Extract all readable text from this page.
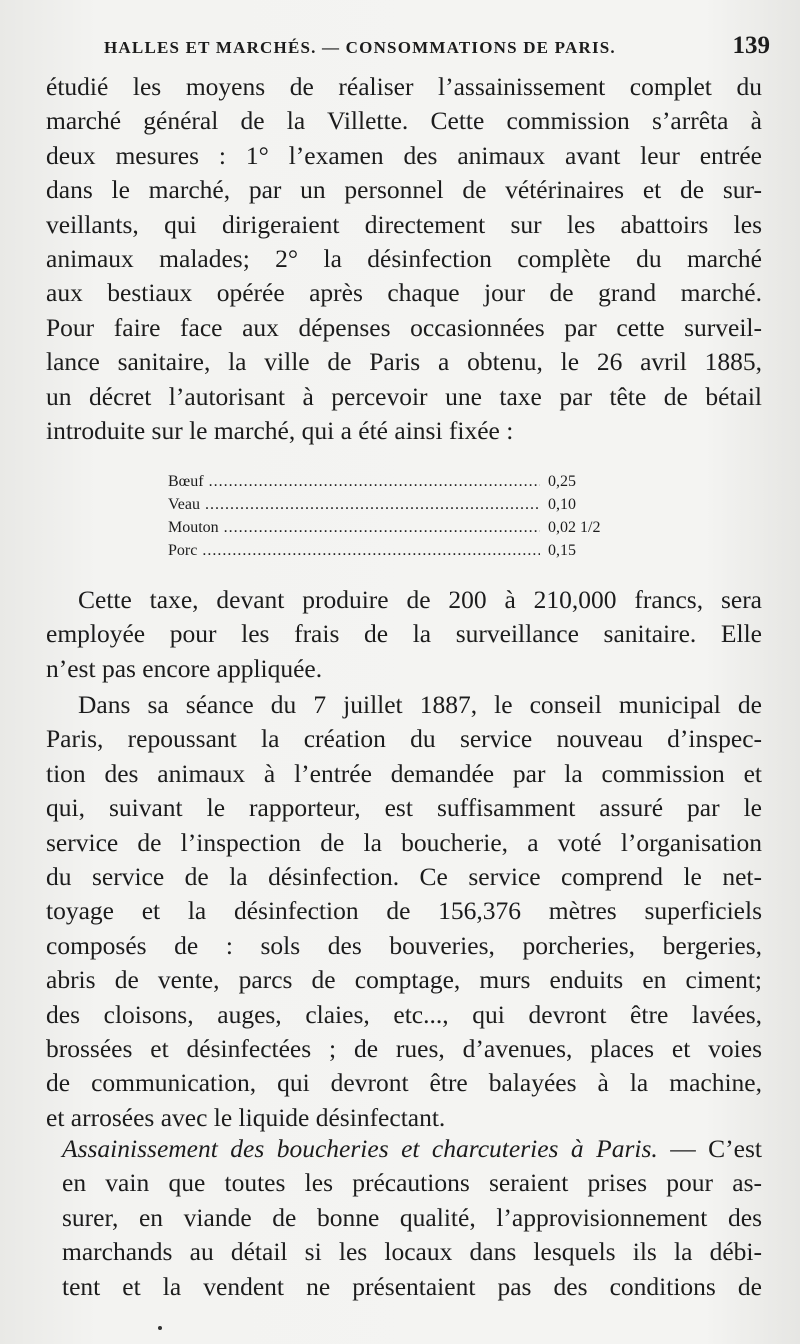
HALLES ET MARCHÉS. — CONSOMMATIONS DE PARIS.	139
étudié les moyens de réaliser l’assainissement complet du
marché général de la Villette. Cette commission s’arrêta à
deux mesures : 1° l’examen des animaux avant leur entrée
dans le marché, par un personnel de vétérinaires et de sur-
veillants, qui dirigeraient directement sur les abattoirs les
animaux malades; 2° la désinfection complète du marché
aux bestiaux opérée après chaque jour de grand marché.
Pour faire face aux dépenses occasionnées par cette surveil-
lance sanitaire, la ville de Paris a obtenu, le 26 avril 1885,
un décret l’autorisant à percevoir une taxe par tête de bétail
introduite sur le marché, qui a été ainsi fixée :
Bœuf .....	0,25
Veau .....	0,10
Mouton .....	0,02 1/2
Porc .....	0,15
Cette taxe, devant produire de 200 à 210,000 francs, sera
employée pour les frais de la surveillance sanitaire. Elle
n’est pas encore appliquée.
Dans sa séance du 7 juillet 1887, le conseil municipal de
Paris, repoussant la création du service nouveau d’inspec-
tion des animaux à l’entrée demandée par la commission et
qui, suivant le rapporteur, est suffisamment assuré par le
service de l’inspection de la boucherie, a voté l’organisation
du service de la désinfection. Ce service comprend le net-
toyage et la désinfection de 156,376 mètres superficiels
composés de : sols des bouveries, porcheries, bergeries,
abris de vente, parcs de comptage, murs enduits en ciment;
des cloisons, auges, claies, etc..., qui devront être lavées,
brossées et désinfectées ; de rues, d’avenues, places et voies
de communication, qui devront être balayées à la machine,
et arrosées avec le liquide désinfectant.
Assainissement des boucheries et charcuteries à Paris. — C’est
en vain que toutes les précautions seraient prises pour as-
surer, en viande de bonne qualité, l’approvisionnement des
marchands au détail si les locaux dans lesquels ils la débi-
tent et la vendent ne présentaient pas des conditions de
